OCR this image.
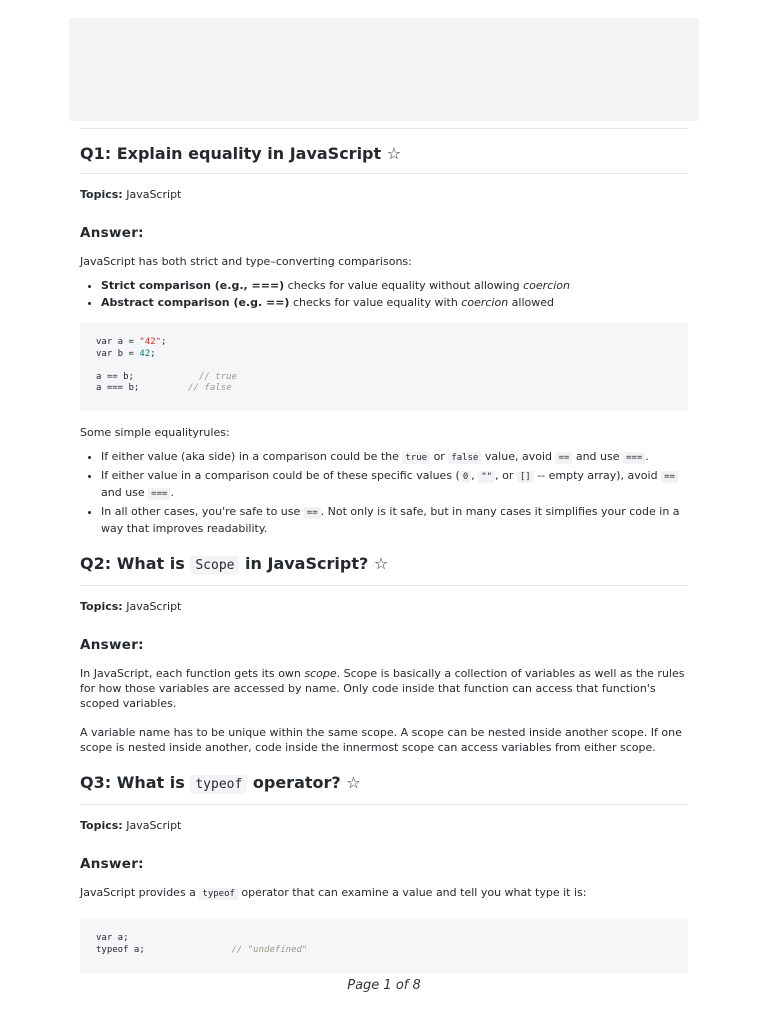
Q1: Explain equality in JavaScript ☆
Topics: JavaScript
Answer:

JavaScript has both strict and type–converting comparisons:

• Strict comparison (e.g., ===) checks for value equality without allowing coercion
• Abstract comparison (e.g. ==) checks for value equality with coercion allowed
var a = "42";
var b = 42;

a == b;	// true
a === b;	// false

Some simple equalityrules:

• If either value (aka side) in a comparison could be the true or false value, avoid == and use === .
• If either value in a comparison could be of these specific values ( 0 , "" , or [] -- empty array), avoid == and use === .
• In all other cases, you're safe to use == . Not only is it safe, but in many cases it simplifies your code in a way that improves readability.
Q2: What is Scope in JavaScript? ☆
Topics: JavaScript
Answer:

In JavaScript, each function gets its own scope. Scope is basically a collection of variables as well as the rules for how those variables are accessed by name. Only code inside that function can access that function's scoped variables.

A variable name has to be unique within the same scope. A scope can be nested inside another scope. If one scope is nested inside another, code inside the innermost scope can access variables from either scope.

Q3: What is typeof operator? ☆
Topics: JavaScript
Answer:

JavaScript provides a typeof operator that can examine a value and tell you what type it is:

var a;
typeof a;	// "undefined"
Page 1 of 8
